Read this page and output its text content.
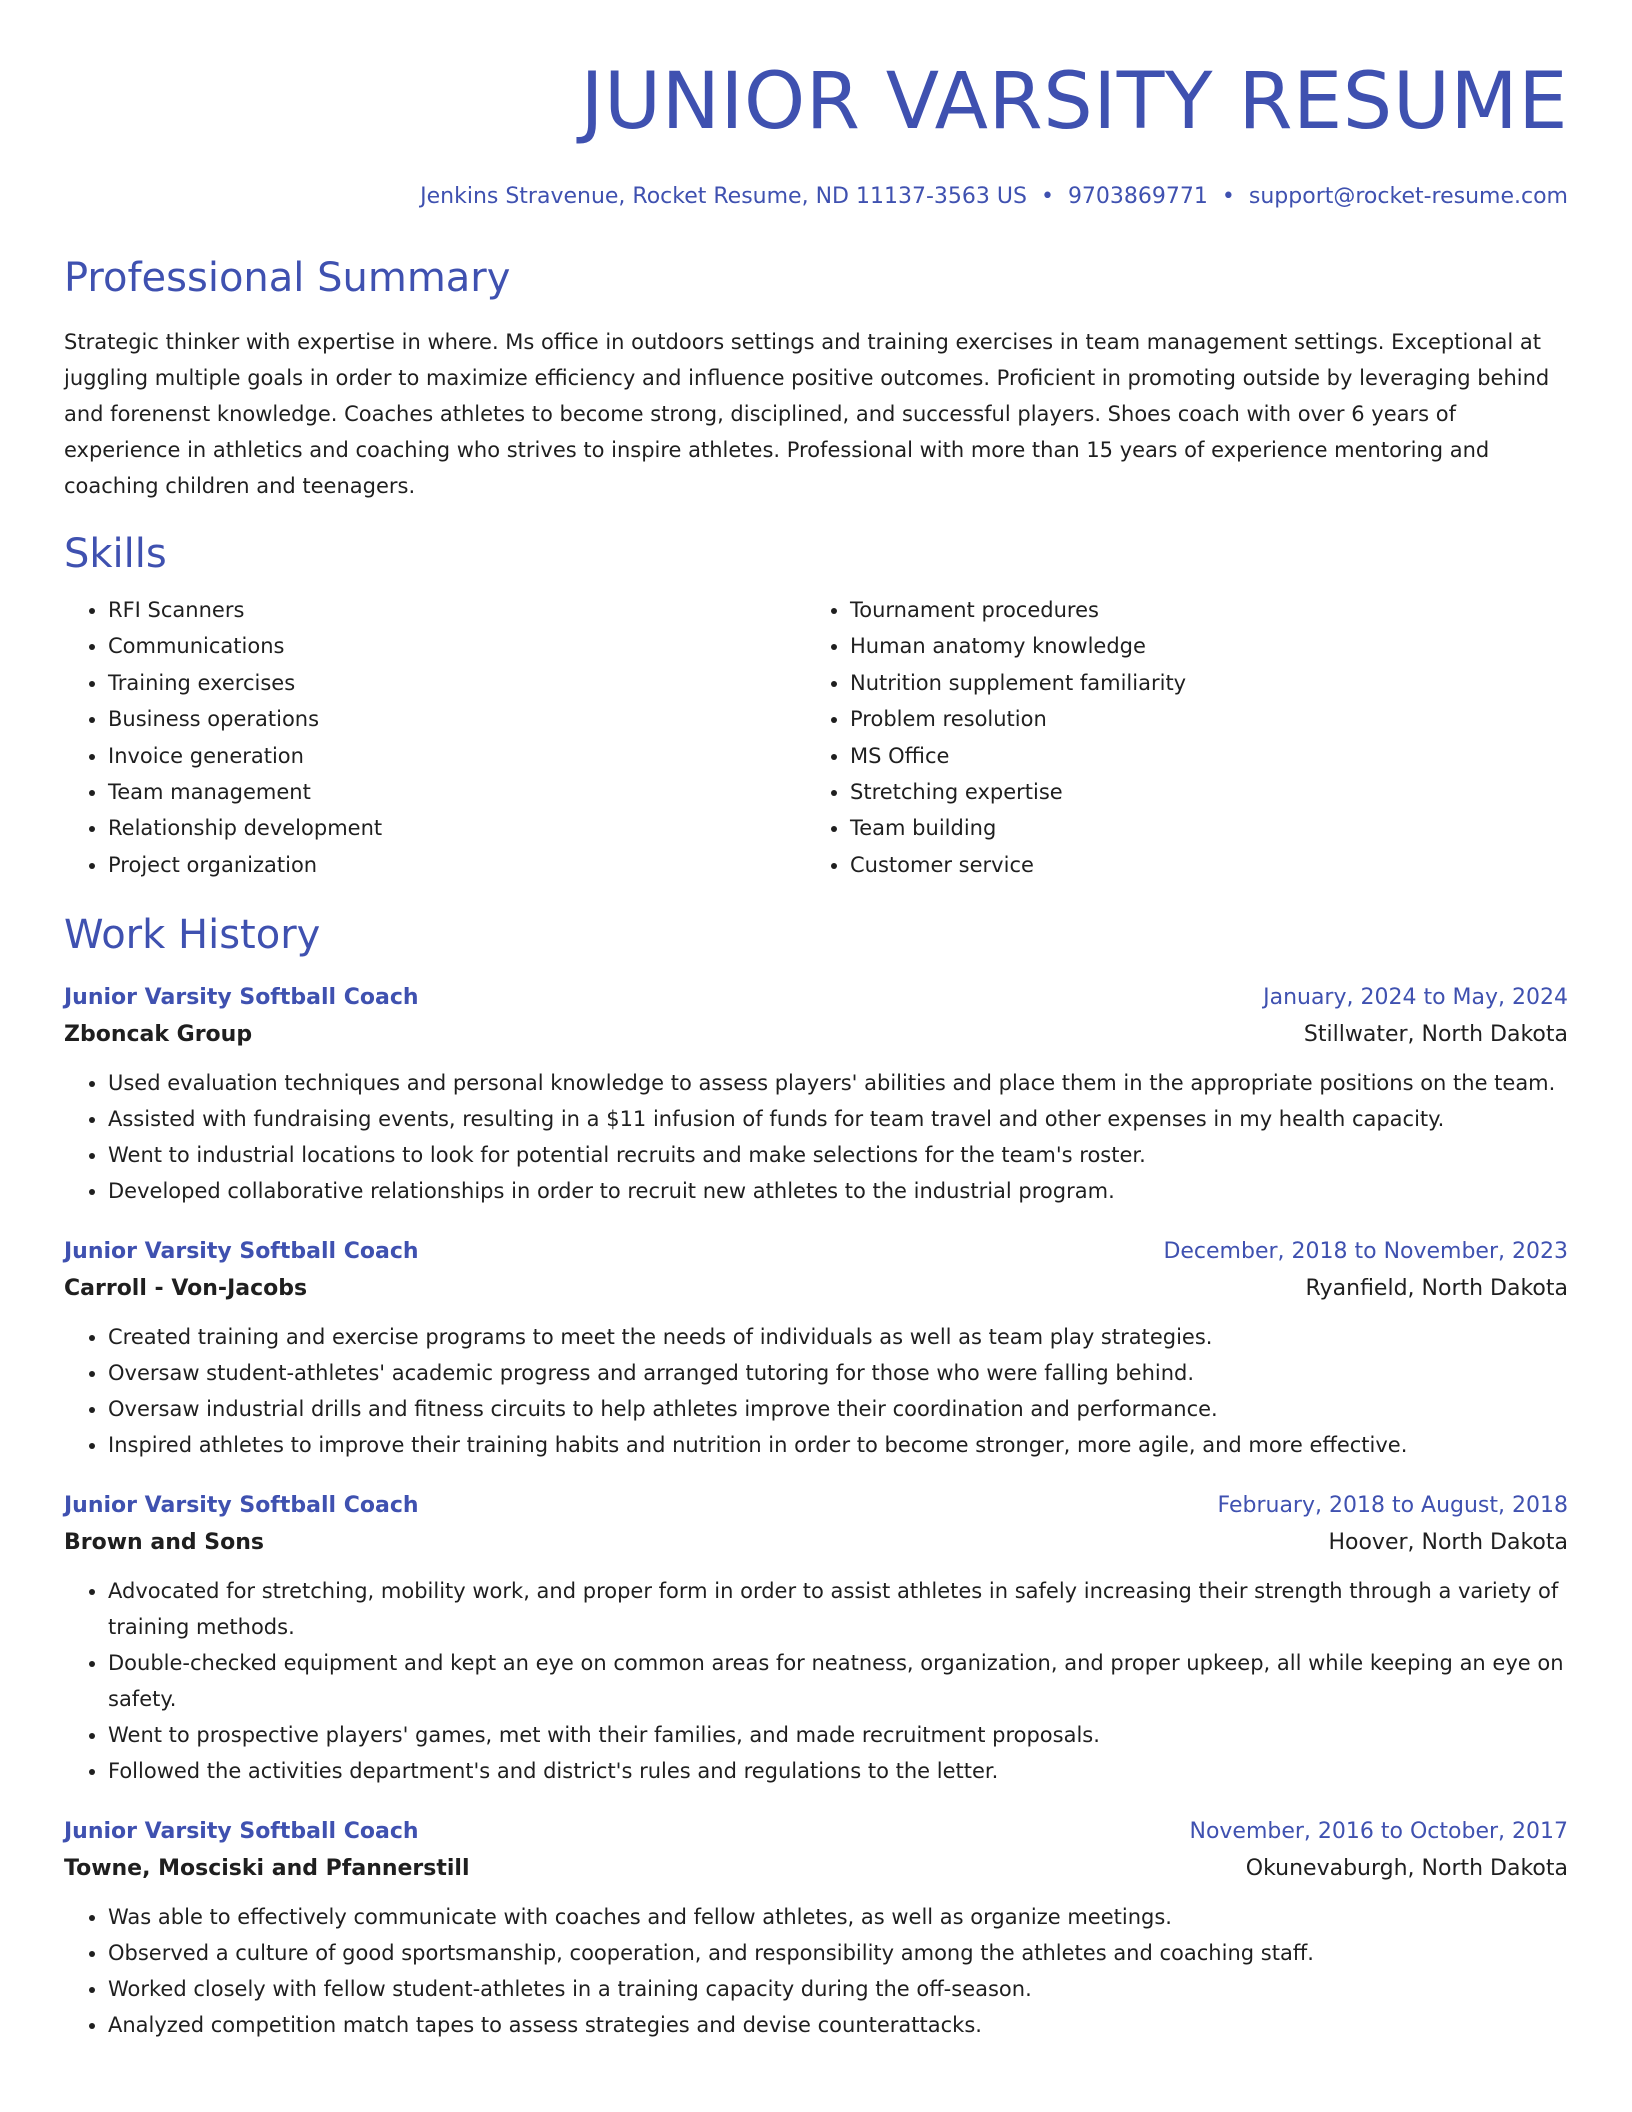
JUNIOR VARSITY RESUME
Jenkins Stravenue, Rocket Resume, ND 11137-3563 US • 9703869771 • support@rocket-resume.com
Professional Summary
Strategic thinker with expertise in where. Ms office in outdoors settings and training exercises in team management settings. Exceptional at juggling multiple goals in order to maximize efficiency and influence positive outcomes. Proficient in promoting outside by leveraging behind and forenenst knowledge. Coaches athletes to become strong, disciplined, and successful players. Shoes coach with over 6 years of experience in athletics and coaching who strives to inspire athletes. Professional with more than 15 years of experience mentoring and coaching children and teenagers.
Skills
• RFI Scanners
• Communications
• Training exercises
• Business operations
• Invoice generation
• Team management
• Relationship development
• Project organization
• Tournament procedures
• Human anatomy knowledge
• Nutrition supplement familiarity
• Problem resolution
• MS Office
• Stretching expertise
• Team building
• Customer service
Work History
Junior Varsity Softball Coach	January, 2024 to May, 2024
Zboncak Group	Stillwater, North Dakota
• Used evaluation techniques and personal knowledge to assess players' abilities and place them in the appropriate positions on the team.
• Assisted with fundraising events, resulting in a $11 infusion of funds for team travel and other expenses in my health capacity.
• Went to industrial locations to look for potential recruits and make selections for the team's roster.
• Developed collaborative relationships in order to recruit new athletes to the industrial program.
Junior Varsity Softball Coach	December, 2018 to November, 2023
Carroll - Von-Jacobs	Ryanfield, North Dakota
• Created training and exercise programs to meet the needs of individuals as well as team play strategies.
• Oversaw student-athletes' academic progress and arranged tutoring for those who were falling behind.
• Oversaw industrial drills and fitness circuits to help athletes improve their coordination and performance.
• Inspired athletes to improve their training habits and nutrition in order to become stronger, more agile, and more effective.
Junior Varsity Softball Coach	February, 2018 to August, 2018
Brown and Sons	Hoover, North Dakota
• Advocated for stretching, mobility work, and proper form in order to assist athletes in safely increasing their strength through a variety of training methods.
• Double-checked equipment and kept an eye on common areas for neatness, organization, and proper upkeep, all while keeping an eye on safety.
• Went to prospective players' games, met with their families, and made recruitment proposals.
• Followed the activities department's and district's rules and regulations to the letter.
Junior Varsity Softball Coach	November, 2016 to October, 2017
Towne, Mosciski and Pfannerstill	Okunevaburgh, North Dakota
• Was able to effectively communicate with coaches and fellow athletes, as well as organize meetings.
• Observed a culture of good sportsmanship, cooperation, and responsibility among the athletes and coaching staff.
• Worked closely with fellow student-athletes in a training capacity during the off-season.
• Analyzed competition match tapes to assess strategies and devise counterattacks.
